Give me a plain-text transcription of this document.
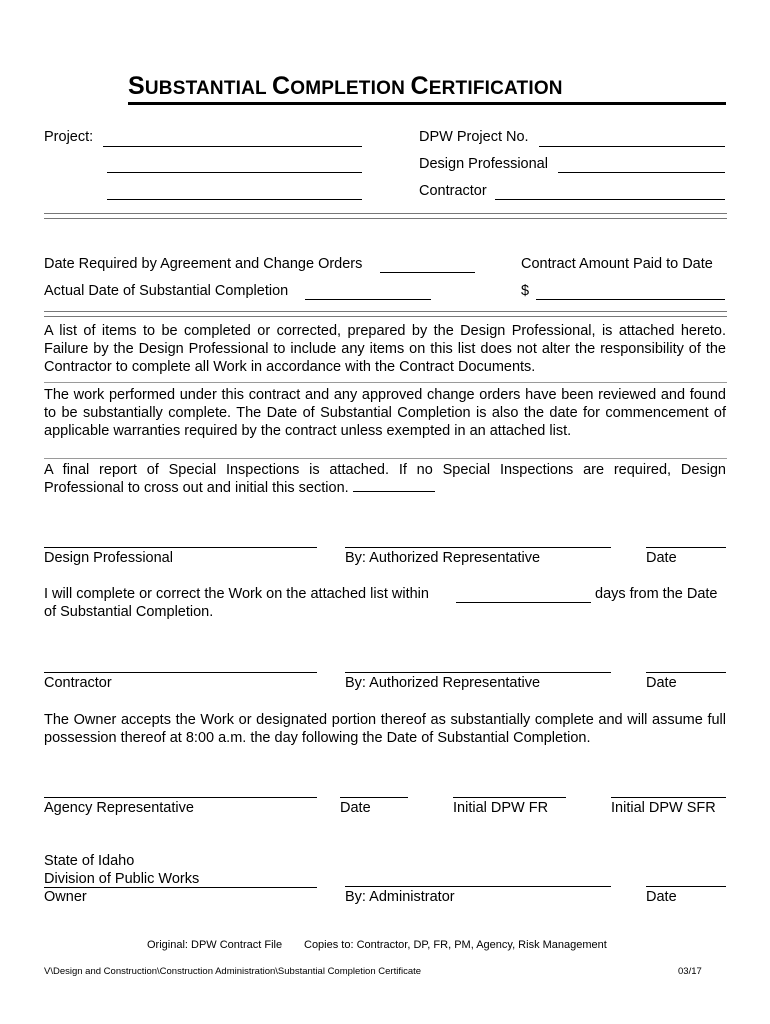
SUBSTANTIAL COMPLETION CERTIFICATION
Project:	DPW Project No.
Design Professional
Contractor
Date Required by Agreement and Change Orders
Actual Date of Substantial Completion
Contract Amount Paid to Date
$
A list of items to be completed or corrected, prepared by the Design Professional, is attached hereto. Failure by the Design Professional to include any items on this list does not alter the responsibility of the Contractor to complete all Work in accordance with the Contract Documents.
The work performed under this contract and any approved change orders have been reviewed and found to be substantially complete. The Date of Substantial Completion is also the date for commencement of applicable warranties required by the contract unless exempted in an attached list.
A final report of Special Inspections is attached. If no Special Inspections are required, Design Professional to cross out and initial this section.
Design Professional	By: Authorized Representative	Date
I will complete or correct the Work on the attached list within	days from the Date
of Substantial Completion.
Contractor	By: Authorized Representative	Date
The Owner accepts the Work or designated portion thereof as substantially complete and will assume full possession thereof at 8:00 a.m. the day following the Date of Substantial Completion.
Agency Representative	Date	Initial DPW FR	Initial DPW SFR
State of Idaho
Division of Public Works
Owner	By: Administrator	Date
Original: DPW Contract File Copies to: Contractor, DP, FR, PM, Agency, Risk Management
V\Design and Construction\Construction Administration\Substantial Completion Certificate	03/17
